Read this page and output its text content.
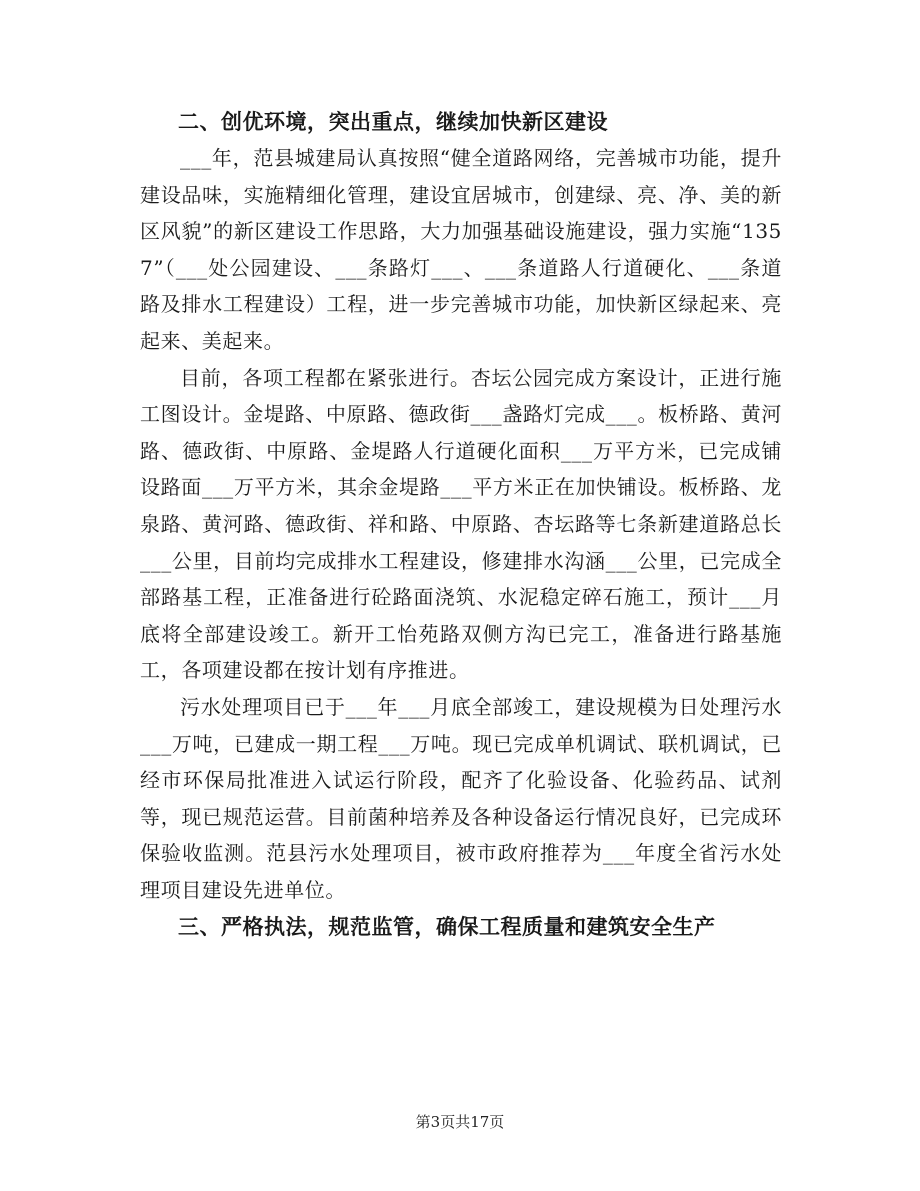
二、创优环境，突出重点，继续加快新区建设

___年，范县城建局认真按照“健全道路网络，完善城市功能，提升建设品味，实施精细化管理，建设宜居城市，创建绿、亮、净、美的新区风貌”的新区建设工作思路，大力加强基础设施建设，强力实施“1357”（___处公园建设、___条路灯___、___条道路人行道硬化、___条道路及排水工程建设）工程，进一步完善城市功能，加快新区绿起来、亮起来、美起来。

目前，各项工程都在紧张进行。杏坛公园完成方案设计，正进行施工图设计。金堤路、中原路、德政街___盏路灯完成___。板桥路、黄河路、德政街、中原路、金堤路人行道硬化面积___万平方米，已完成铺设路面___万平方米，其余金堤路___平方米正在加快铺设。板桥路、龙泉路、黄河路、德政街、祥和路、中原路、杏坛路等七条新建道路总长___公里，目前均完成排水工程建设，修建排水沟涵___公里，已完成全部路基工程，正准备进行砼路面浇筑、水泥稳定碎石施工，预计___月底将全部建设竣工。新开工怡苑路双侧方沟已完工，准备进行路基施工，各项建设都在按计划有序推进。

污水处理项目已于___年___月底全部竣工，建设规模为日处理污水___万吨，已建成一期工程___万吨。现已完成单机调试、联机调试，已经市环保局批准进入试运行阶段，配齐了化验设备、化验药品、试剂等，现已规范运营。目前菌种培养及各种设备运行情况良好，已完成环保验收监测。范县污水处理项目，被市政府推荐为___年度全省污水处理项目建设先进单位。

三、严格执法，规范监管，确保工程质量和建筑安全生产
第3页共17页
